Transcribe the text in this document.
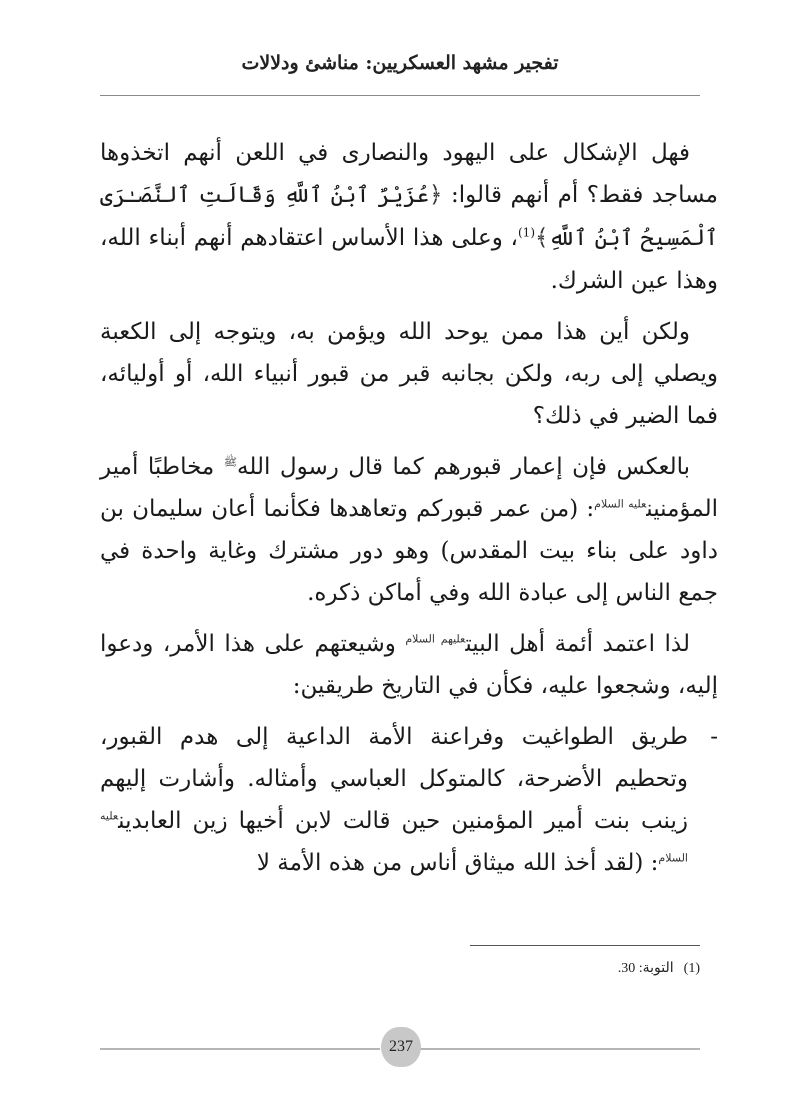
تفجير مشهد العسكريين: مناشئ ودلالات

فهل الإشكال على اليهود والنصارى في اللعن أنهم اتخذوها مساجد فقط؟ أم أنهم قالوا: ﴿عُزَيْرٌ ٱبْنُ ٱللَّهِ وَقَالَتِ ٱلنَّصَـٰرَى ٱلْمَسِيحُ ٱبْنُ ٱللَّهِ﴾$^{(1)}$، وعلى هذا الأساس اعتقادهم أنهم أبناء الله، وهذا عين الشرك.

ولكن أين هذا ممن يوحد الله ويؤمن به، ويتوجه إلى الكعبة ويصلي إلى ربه، ولكن بجانبه قبر من قبور أنبياء الله، أو أوليائه، فما الضير في ذلك؟

بالعكس فإن إعمار قبورهم كما قال رسول الله$^ﷺ$ مخاطبًا أمير المؤمنين$^{عليه السلام}$: (من عمر قبوركم وتعاهدها فكأنما أعان سليمان بن داود على بناء بيت المقدس) وهو دور مشترك وغاية واحدة في جمع الناس إلى عبادة الله وفي أماكن ذكره.

لذا اعتمد أئمة أهل البيت$^{عليهم السلام}$ وشيعتهم على هذا الأمر، ودعوا إليه، وشجعوا عليه، فكأن في التاريخ طريقين:

-
طريق الطواغيت وفراعنة الأمة الداعية إلى هدم القبور، وتحطيم الأضرحة، كالمتوكل العباسي وأمثاله. وأشارت إليهم زينب بنت أمير المؤمنين حين قالت لابن أخيها زين العابدين$^{عليه السلام}$: (لقد أخذ الله ميثاق أناس من هذه الأمة لا

(1)التوبة: 30.
237
